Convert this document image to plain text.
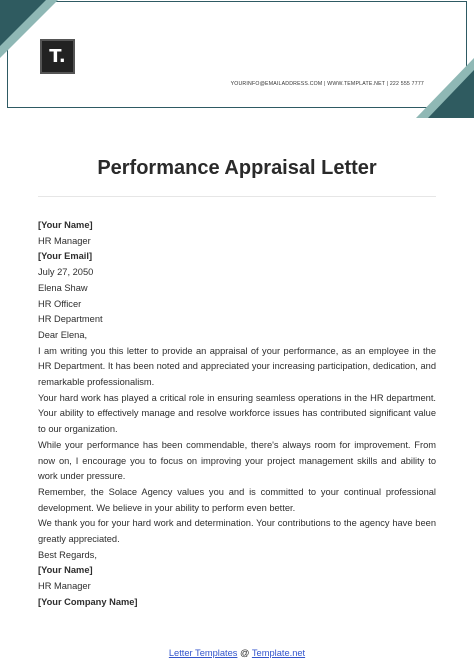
T.
YOURINFO@EMAILADDRESS.COM | WWW.TEMPLATE.NET | 222 555 7777
Performance Appraisal Letter

[Your Name]

HR Manager

[Your Email]

July 27, 2050

Elena Shaw

HR Officer

HR Department

Dear Elena,

I am writing you this letter to provide an appraisal of your performance, as an employee in the HR Department. It has been noted and appreciated your increasing participation, dedication, and remarkable professionalism.

Your hard work has played a critical role in ensuring seamless operations in the HR department. Your ability to effectively manage and resolve workforce issues has contributed significant value to our organization.

While your performance has been commendable, there's always room for improvement. From now on, I encourage you to focus on improving your project management skills and ability to work under pressure.

Remember, the Solace Agency values you and is committed to your continual professional development. We believe in your ability to perform even better.

We thank you for your hard work and determination. Your contributions to the agency have been greatly appreciated.

Best Regards,

[Your Name]

HR Manager

[Your Company Name]

Letter Templates @ Template.net
